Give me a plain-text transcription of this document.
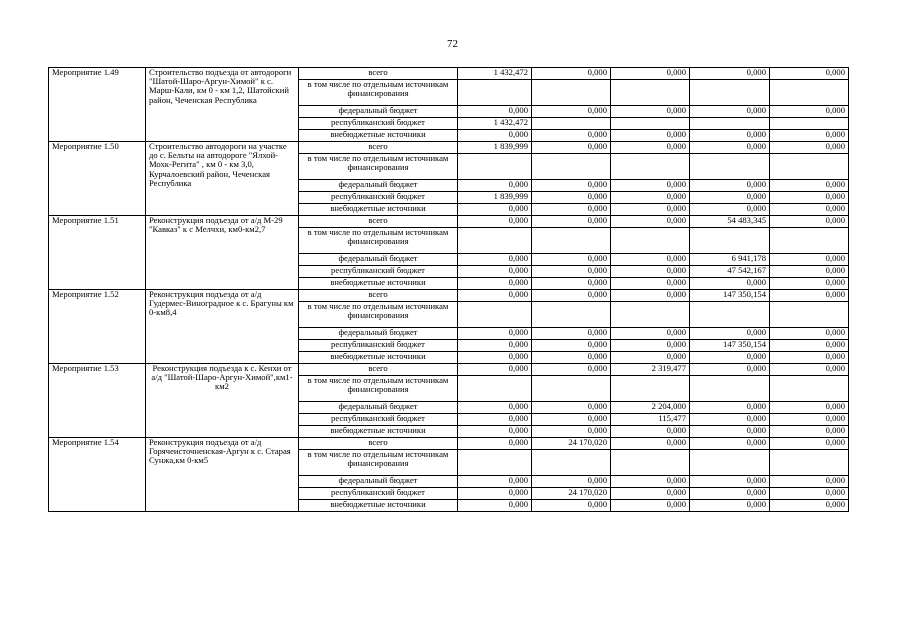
72
Мероприятие 1.49	Строительство подъезда от автодороги "Шатой-Шаро-Аргун-Химой" к с. Марш-Кали, км 0 - км 1,2, Шатойский район, Чеченская Республика	всего	1 432,472	0,000	0,000	0,000	0,000
		в том числе по отдельным источникам финансирования					
		федеральный бюджет	0,000	0,000	0,000	0,000	0,000
		республиканский бюджет	1 432,472				
		внебюджетные источники	0,000	0,000	0,000	0,000	0,000
Мероприятие 1.50	Строительство автодороги на участке до с. Бельты на автодороге "Ялхой-Мохк-Регита" , км 0 - км 3,0, Курчалоевский район, Чеченская Республика	всего	1 839,999	0,000	0,000	0,000	0,000
		в том числе по отдельным источникам финансирования					
		федеральный бюджет	0,000	0,000	0,000	0,000	0,000
		республиканский бюджет	1 839,999	0,000	0,000	0,000	0,000
		внебюджетные источники	0,000	0,000	0,000	0,000	0,000
Мероприятие 1.51	Реконструкция подъезда от а/д М-29 "Кавказ" к с Мелчхи, км0-км2,7	всего	0,000	0,000	0,000	54 483,345	0,000
		в том числе по отдельным источникам финансирования					
		федеральный бюджет	0,000	0,000	0,000	6 941,178	0,000
		республиканский бюджет	0,000	0,000	0,000	47 542,167	0,000
		внебюджетные источники	0,000	0,000	0,000	0,000	0,000
Мероприятие 1.52	Реконструкция подъезда от а/д Гудермес-Виноградное к с. Брагуны км 0-км8,4	всего	0,000	0,000	0,000	147 350,154	0,000
		в том числе по отдельным источникам финансирования					
		федеральный бюджет	0,000	0,000	0,000	0,000	0,000
		республиканский бюджет	0,000	0,000	0,000	147 350,154	0,000
		внебюджетные источники	0,000	0,000	0,000	0,000	0,000
Мероприятие 1.53	Реконструкция подъезда к с. Кенхи от а/д "Шатой-Шаро-Аргун-Химой",км1-км2	всего	0,000	0,000	2 319,477	0,000	0,000
		в том числе по отдельным источникам финансирования					
		федеральный бюджет	0,000	0,000	2 204,000	0,000	0,000
		республиканский бюджет	0,000	0,000	115,477	0,000	0,000
		внебюджетные источники	0,000	0,000	0,000	0,000	0,000
Мероприятие 1.54	Реконструкция подъезда от а/д Горячеисточненская-Аргун к с. Старая Сунжа,км 0-км5	всего	0,000	24 170,020	0,000	0,000	0,000
		в том числе по отдельным источникам финансирования					
		федеральный бюджет	0,000	0,000	0,000	0,000	0,000
		республиканский бюджет	0,000	24 170,020	0,000	0,000	0,000
		внебюджетные источники	0,000	0,000	0,000	0,000	0,000
